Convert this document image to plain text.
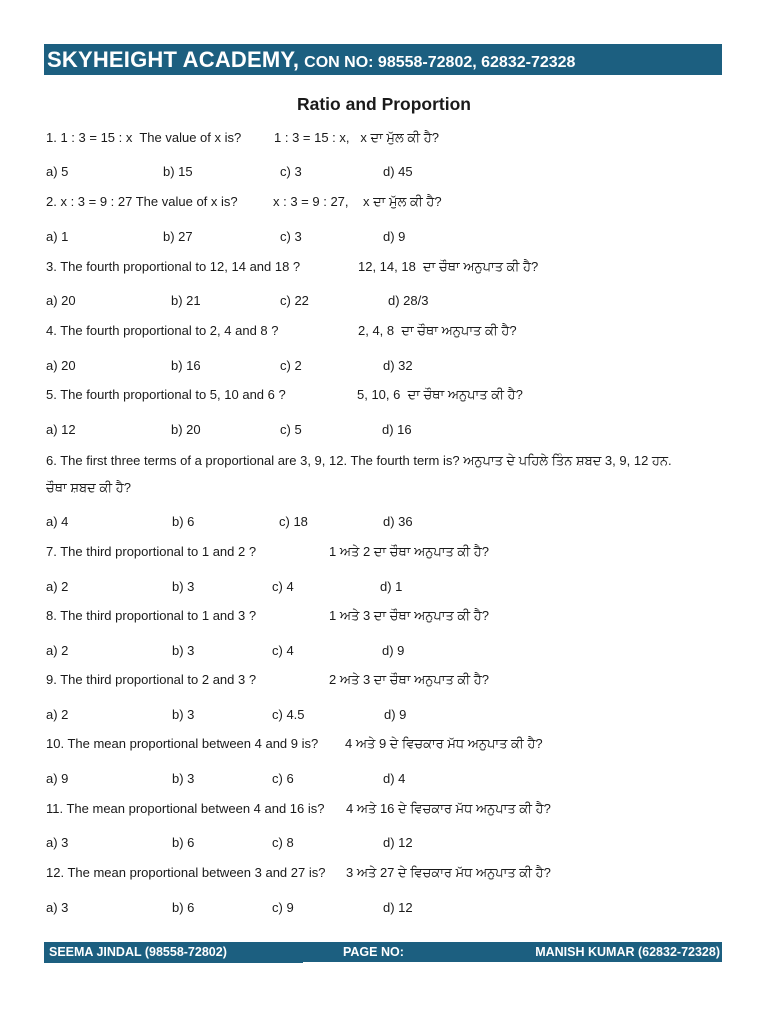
SKYHEIGHT ACADEMY, CON NO: 98558-72802, 62832-72328
Ratio and Proportion
1. 1 : 3 = 15 : x  The value of x is?	1 : 3 = 15 : x,   x ਦਾ ਮੁੱਲ ਕੀ ਹੈ?
a) 5	b) 15	c) 3	d) 45
2. x : 3 = 9 : 27 The value of x is?	x : 3 = 9 : 27,    x ਦਾ ਮੁੱਲ ਕੀ ਹੈ?
a) 1	b) 27	c) 3	d) 9
3. The fourth proportional to 12, 14 and 18 ?	12, 14, 18  ਦਾ ਚੌਥਾ ਅਨੁਪਾਤ ਕੀ ਹੈ?
a) 20	b) 21	c) 22	d) 28/3
4. The fourth proportional to 2, 4 and 8 ?	2, 4, 8  ਦਾ ਚੌਥਾ ਅਨੁਪਾਤ ਕੀ ਹੈ?
a) 20	b) 16	c) 2	d) 32
5. The fourth proportional to 5, 10 and 6 ?	5, 10, 6  ਦਾ ਚੌਥਾ ਅਨੁਪਾਤ ਕੀ ਹੈ?
a) 12	b) 20	c) 5	d) 16
6. The first three terms of a proportional are 3, 9, 12. The fourth term is? ਅਨੁਪਾਤ ਦੇ ਪਹਿਲੇ ਤਿੰਨ ਸ਼ਬਦ 3, 9, 12 ਹਨ.
ਚੌਥਾ ਸ਼ਬਦ ਕੀ ਹੈ?
a) 4	b) 6	c) 18	d) 36
7. The third proportional to 1 and 2 ?	1 ਅਤੇ 2 ਦਾ ਚੌਥਾ ਅਨੁਪਾਤ ਕੀ ਹੈ?
a) 2	b) 3	c) 4	d) 1
8. The third proportional to 1 and 3 ?	1 ਅਤੇ 3 ਦਾ ਚੌਥਾ ਅਨੁਪਾਤ ਕੀ ਹੈ?
a) 2	b) 3	c) 4	d) 9
9. The third proportional to 2 and 3 ?	2 ਅਤੇ 3 ਦਾ ਚੌਥਾ ਅਨੁਪਾਤ ਕੀ ਹੈ?
a) 2	b) 3	c) 4.5	d) 9
10. The mean proportional between 4 and 9 is? 4 ਅਤੇ 9 ਦੇ ਵਿਚਕਾਰ ਮੱਧ ਅਨੁਪਾਤ ਕੀ ਹੈ?
a) 9	b) 3	c) 6	d) 4
11. The mean proportional between 4 and 16 is? 4 ਅਤੇ 16 ਦੇ ਵਿਚਕਾਰ ਮੱਧ ਅਨੁਪਾਤ ਕੀ ਹੈ?
a) 3	b) 6	c) 8	d) 12
12. The mean proportional between 3 and 27 is? 3 ਅਤੇ 27 ਦੇ ਵਿਚਕਾਰ ਮੱਧ ਅਨੁਪਾਤ ਕੀ ਹੈ?
a) 3	b) 6	c) 9	d) 12
SEEMA JINDAL (98558-72802)	PAGE NO:	MANISH KUMAR (62832-72328)
